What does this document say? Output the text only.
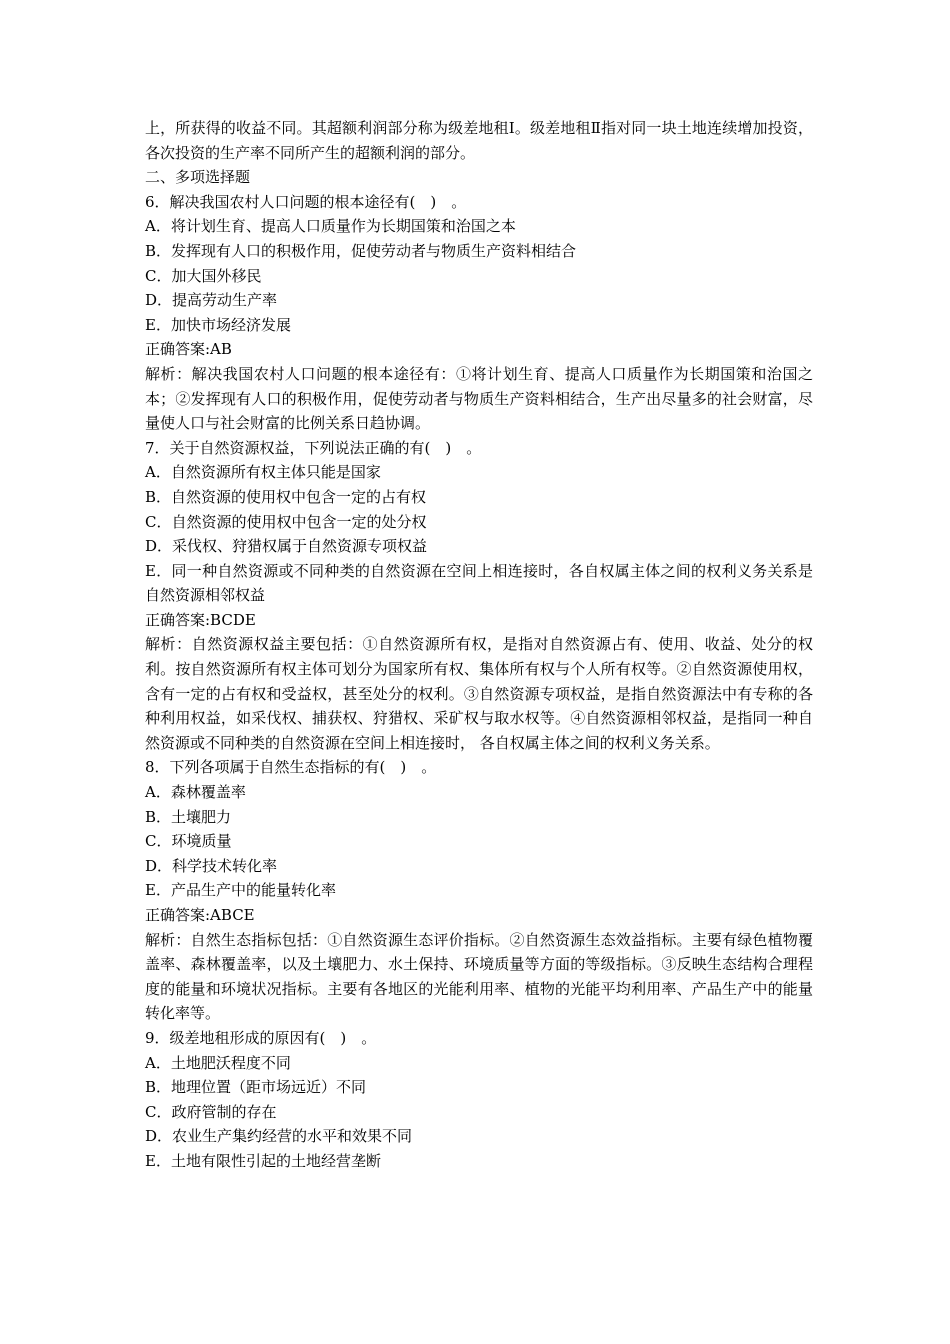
上，所获得的收益不同。其超额利润部分称为级差地租Ⅰ。级差地租Ⅱ指对同一块土地连续增加投资，各次投资的生产率不同所产生的超额利润的部分。
二、多项选择题
6．解决我国农村人口问题的根本途径有(　)　。
A．将计划生育、提高人口质量作为长期国策和治国之本
B．发挥现有人口的积极作用，促使劳动者与物质生产资料相结合
C．加大国外移民
D．提高劳动生产率
E．加快市场经济发展
正确答案:AB
解析：解决我国农村人口问题的根本途径有：①将计划生育、提高人口质量作为长期国策和治国之本；②发挥现有人口的积极作用，促使劳动者与物质生产资料相结合，生产出尽量多的社会财富，尽量使人口与社会财富的比例关系日趋协调。
7．关于自然资源权益，下列说法正确的有(　)　。
A．自然资源所有权主体只能是国家
B．自然资源的使用权中包含一定的占有权
C．自然资源的使用权中包含一定的处分权
D．采伐权、狩猎权属于自然资源专项权益
E．同一种自然资源或不同种类的自然资源在空间上相连接时，各自权属主体之间的权利义务关系是自然资源相邻权益
正确答案:BCDE
解析：自然资源权益主要包括：①自然资源所有权，是指对自然资源占有、使用、收益、处分的权利。按自然资源所有权主体可划分为国家所有权、集体所有权与个人所有权等。②自然资源使用权，含有一定的占有权和受益权，甚至处分的权利。③自然资源专项权益，是指自然资源法中有专称的各种利用权益，如采伐权、捕获权、狩猎权、采矿权与取水权等。④自然资源相邻权益，是指同一种自然资源或不同种类的自然资源在空间上相连接时， 各自权属主体之间的权利义务关系。
8．下列各项属于自然生态指标的有(　)　。
A．森林覆盖率
B．土壤肥力
C．环境质量
D．科学技术转化率
E．产品生产中的能量转化率
正确答案:ABCE
解析：自然生态指标包括：①自然资源生态评价指标。②自然资源生态效益指标。主要有绿色植物覆盖率、森林覆盖率，以及土壤肥力、水土保持、环境质量等方面的等级指标。③反映生态结构合理程度的能量和环境状况指标。主要有各地区的光能利用率、植物的光能平均利用率、产品生产中的能量转化率等。
9．级差地租形成的原因有(　)　。
A．土地肥沃程度不同
B．地理位置（距市场远近）不同
C．政府管制的存在
D．农业生产集约经营的水平和效果不同
E．土地有限性引起的土地经营垄断
